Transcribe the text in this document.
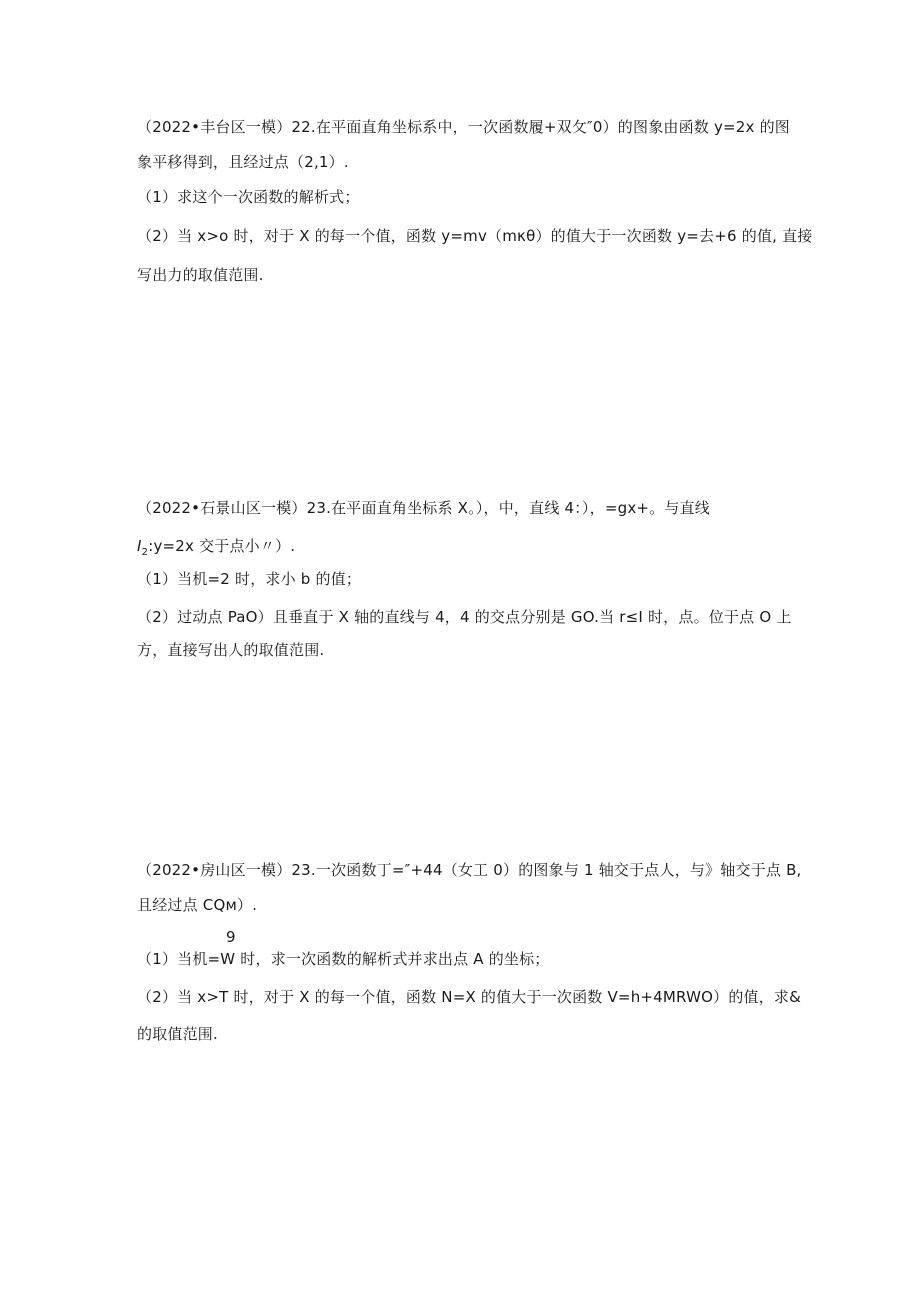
（2022•丰台区一模）22.在平面直角坐标系中，一次函数履+双攵″0）的图象由函数 y=2x 的图
象平移得到，且经过点（2,1）.
（1）求这个一次函数的解析式；
（2）当 x>o 时，对于 X 的每一个值，函数 y=mv（mκθ）的值大于一次函数 y=去+6 的值, 直接
写出力的取值范围.
（2022•石景山区一模）23.在平面直角坐标系 X。），中，直线 4：），=gx+。与直线
$I_2:y=2x$ 交于点小〃）.
（1）当机=2 时，求小 b 的值；
（2）过动点 PaO）且垂直于 X 轴的直线与 4，4 的交点分别是 GO.当 r≤I 时，点。位于点 O 上
方，直接写出人的取值范围.
（2022•房山区一模）23.一次函数丁=″+44（女工 0）的图象与 1 轴交于点人，与》轴交于点 B,
且经过点 CQм）.
9
（1）当机=W 时，求一次函数的解析式并求出点 A 的坐标；
（2）当 x>T 时，对于 X 的每一个值，函数 N=X 的值大于一次函数 V=h+4MRWO）的值，求&
的取值范围.
